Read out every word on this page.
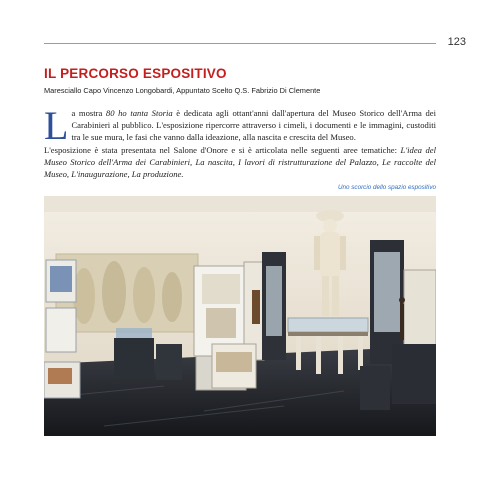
123
IL PERCORSO ESPOSITIVO
Maresciallo Capo Vincenzo Longobardi, Appuntato Scelto Q.S. Fabrizio Di Clemente

La mostra 80 ho tanta Storia è dedicata agli ottant'anni dall'apertura del Museo Storico dell'Arma dei Carabinieri al pubblico. L'esposizione ripercorre attraverso i cimeli, i documenti e le immagini, custoditi tra le sue mura, le fasi che vanno dalla ideazione, alla nascita e crescita del Museo.

L'esposizione è stata presentata nel Salone d'Onore e si è articolata nelle seguenti aree tematiche: L'idea del Museo Storico dell'Arma dei Carabinieri, La nascita, I lavori di ristrutturazione del Palazzo, Le raccolte del Museo, L'inaugurazione, La produzione.

Uno scorcio dello spazio espositivo
